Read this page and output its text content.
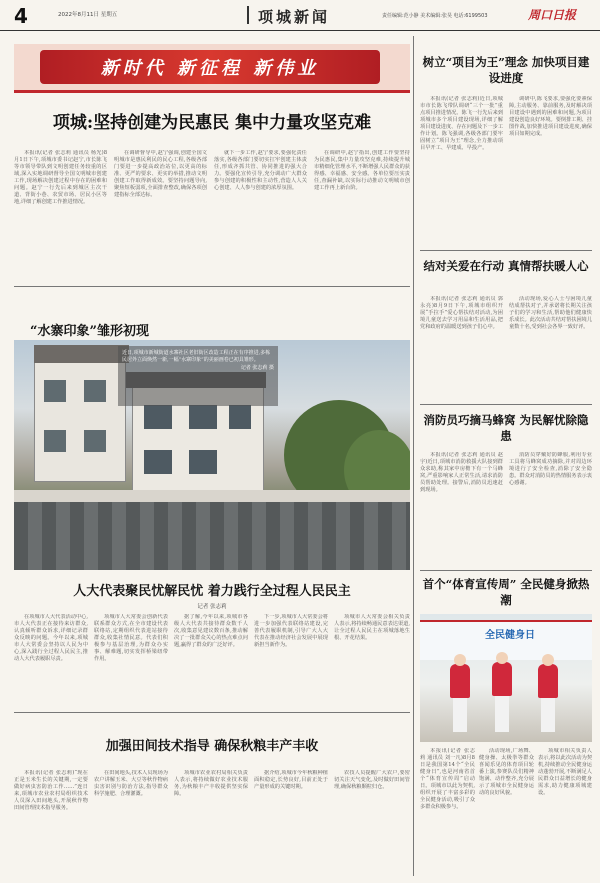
4	2022年8月11日 星期五	项城新闻	责任编辑:范小静 美术编辑:张昊 电话:6199503	周口日报
新时代 新征程 新伟业
项城:坚持创建为民惠民 集中力量攻坚克难

本报讯(记者 张志莉 通讯员 杨光)8月1日下午,项城市委书记赵宁,市长陈飞等市领导带队到文明创建任务较重的区域,深入实地调研督导全国文明城市创建工作,现场解决创建过程中存在的困难和问题。赵宁一行先后来到城区主次干道、背街小巷、农贸市场、居民小区等地,详细了解创建工作推进情况。

在调研督导中,赵宁强调,创建全国文明城市是惠民利民的民心工程,各级各部门要进一步提高政治站位,以更高的标准、更严的要求、更实的举措,推动文明创建工作取得新成效。要坚持问题导向,聚焦短板弱项,全面排查整改,确保各项创建指标全部达标。

就下一步工作,赵宁要求,要强化责任落实,各级各部门要切实扛牢创建主体责任,形成齐抓共管、协同推进的强大合力。要强化宣传引导,充分调动广大群众参与创建的积极性和主动性,营造人人关心创建、人人参与创建的浓厚氛围。

在调研中,赵宁指出,创建工作要坚持为民惠民,集中力量攻坚克难,持续提升城市精细化管理水平,不断增强人民群众的获得感、幸福感、安全感。各单位要压实责任,查漏补缺,以实际行动推动文明城市创建工作再上新台阶。

“水寨印象”雏形初现
近日,项城市新城街道水寨社区老旧街区改造工程正在有序推进,多栋民居外立面焕然一新,一幅“水寨印象”的美丽画卷已初具雏形。
记者 张志莉 摄
人大代表聚民忧解民忧 着力践行全过程人民民主
记者 张志莉

在项城市人大代表活动中心,市人大代表正在接待来访群众,认真倾听群众诉求,详细记录群众反映的问题。今年以来,项城市人大常委会坚持以人民为中心,深入践行全过程人民民主,推动人大代表履职尽责。

项城市人大常委会创新代表联系群众方式,在全市建设代表联络站,定期组织代表进站接待群众,收集社情民意。代表们积极参与基层治理,为群众办实事、解难题,切实发挥桥梁纽带作用。

据了解,今年以来,项城市各级人大代表共接待群众数千人次,收集意见建议数百条,推动解决了一批群众关心的热点难点问题,赢得了群众的广泛好评。

下一步,项城市人大常委会将进一步加强代表联络站建设,完善代表履职机制,引导广大人大代表在推动经济社会发展中展现新担当新作为。

项城市人大常委会相关负责人表示,将持续畅通民意表达渠道,让全过程人民民主在项城落地生根、开花结果。

加强田间技术指导 确保秋粮丰产丰收

本报讯(记者 张志莉)“现在正是玉米生长的关键期,一定要做好病虫害防治工作……”连日来,项城市农业农村局组织技术人员深入田间地头,开展秋作物田间管理技术指导服务。

在田间地头,技术人员现场为农户讲解玉米、大豆等秋作物病虫害识别与防治方法,指导群众科学施肥、合理灌溉。

项城市农业农村局相关负责人表示,将持续做好农业技术服务,为秋粮丰产丰收提供坚实保障。

据介绍,项城市今年秋粮种植面积稳定,长势良好,目前正处于产量形成的关键时期。

农技人员提醒广大农户,要密切关注天气变化,及时做好田间管理,确保秋粮颗粒归仓。

树立“项目为王”理念 加快项目建设进度

本报讯(记者 张志莉)近日,项城市市长陈飞带队调研“三个一批”重点项目推进情况。陈飞一行先后来到项城市多个项目建设现场,详细了解项目建设进度、存在问题及下一步工作计划。陈飞强调,各级各部门要牢固树立“项目为王”理念,全力推动项目早开工、早建成、早投产。

调研中,陈飞要求,要强化要素保障,主动服务、靠前服务,及时解决项目建设中遇到的困难和问题,为项目建设创造良好环境。要倒排工期、挂图作战,加快推进项目建设进度,确保项目如期完成。

结对关爱在行动 真情帮扶暖人心

本报讯(记者 张志莉 通讯员 郭永亮)8月9日下午,项城市组织开展“手拉手”爱心帮扶结对活动,为困境儿童送去学习用品和生活用品,把党和政府的温暖送到孩子们心中。

活动现场,爱心人士与困境儿童结成帮扶对子,并承诺将长期关注孩子们的学习和生活,帮助他们健康快乐成长。此次活动共结对帮扶困境儿童数十名,受到社会各界一致好评。

消防员巧摘马蜂窝 为民解忧除隐患

本报讯(记者 张志莉 通讯员 赵宇)近日,项城市消防救援大队接到群众求助,称其家中房檐下有一个马蜂窝,严重影响家人正常生活,请求消防员帮助处理。接警后,消防员迅速赶到现场。

消防员穿戴好防蜂服,利用专业工具将马蜂窝成功摘除,并对周边环境进行了安全检查,消除了安全隐患。群众对消防员的热情服务表示衷心感谢。

首个“体育宣传周” 全民健身掀热潮
全民健身日

本报讯(记者 张志莉 通讯员 刘一凡)8月8日是我国第14个“全民健身日”,也是河南省首个“体育宣传周”启动日。项城市以此为契机,组织开展了丰富多彩的全民健身活动,吸引了众多群众积极参与。

活动现场,广场舞、健身操、太极拳等群众喜闻乐见的体育项目轮番上演,参赛队员们精神饱满、动作整齐,充分展示了项城市全民健身运动的良好风貌。

项城市相关负责人表示,将以此次活动为契机,持续推动全民健身运动蓬勃开展,不断满足人民群众日益增长的健身需求,助力健康项城建设。
